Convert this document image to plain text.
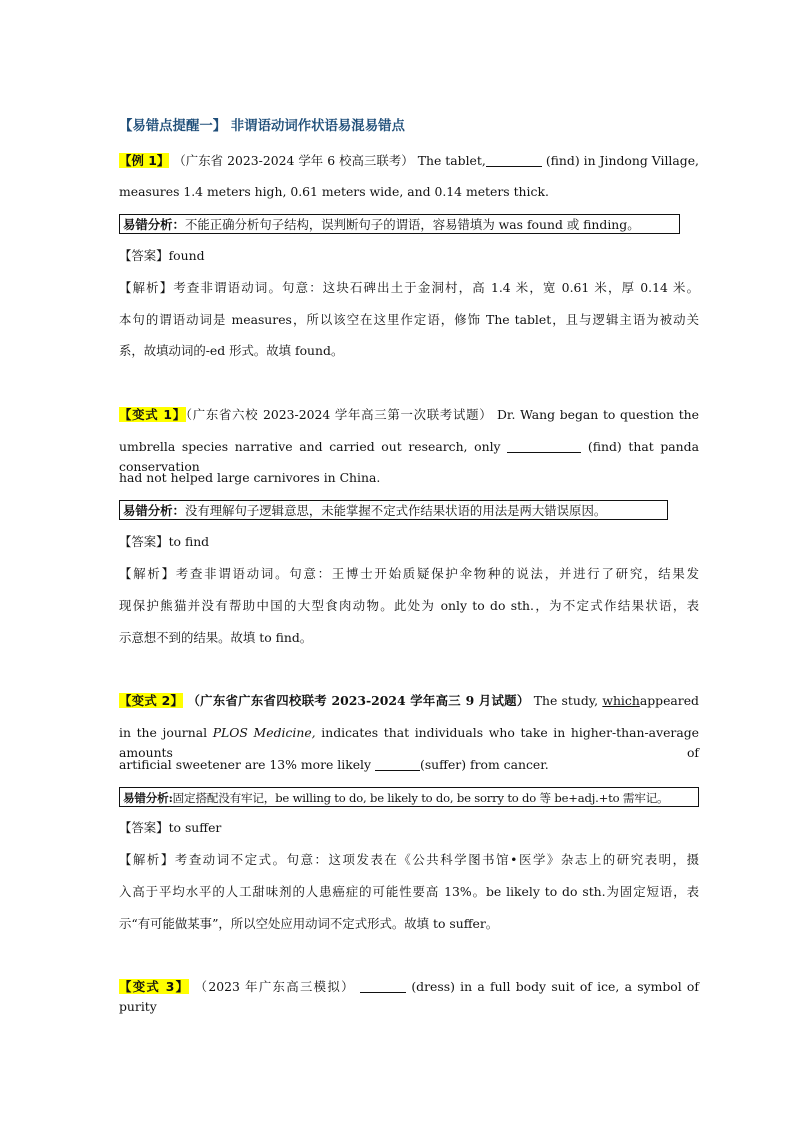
【易错点提醒一】 非谓语动词作状语易混易错点
【例 1】 （广东省 2023-2024 学年 6 校高三联考） The tablet,	(find) in Jindong Village,
measures 1.4 meters high, 0.61 meters wide, and 0.14 meters thick.
易错分析：不能正确分析句子结构，误判断句子的谓语，容易错填为 was found 或 finding。
【答案】found
【解析】考查非谓语动词。句意：这块石碑出土于金洞村，高 1.4 米，宽 0.61 米，厚 0.14 米。
本句的谓语动词是 measures，所以该空在这里作定语，修饰 The tablet，且与逻辑主语为被动关
系，故填动词的-ed 形式。故填 found。
【变式 1】（广东省六校 2023-2024 学年高三第一次联考试题） Dr. Wang began to question the
umbrella species narrative and carried out research, only	(find) that panda conservation
had not helped large carnivores in China.
易错分析：没有理解句子逻辑意思，未能掌握不定式作结果状语的用法是两大错误原因。
【答案】to find
【解析】考查非谓语动词。句意：王博士开始质疑保护伞物种的说法，并进行了研究，结果发
现保护熊猫并没有帮助中国的大型食肉动物。此处为 only to do sth.，为不定式作结果状语，表
示意想不到的结果。故填 to find。
【变式 2】 （广东省广东省四校联考 2023-2024 学年高三 9 月试题） The study, whichappeared
in the journal PLOS Medicine, indicates that individuals who take in higher-than-average amounts of
artificial sweetener are 13% more likely	(suffer) from cancer.
易错分析:固定搭配没有牢记，be willing to do, be likely to do, be sorry to do 等 be+adj.+to 需牢记。
【答案】to suffer
【解析】考查动词不定式。句意：这项发表在《公共科学图书馆•医学》杂志上的研究表明，摄
入高于平均水平的人工甜味剂的人患癌症的可能性要高 13%。be likely to do sth.为固定短语，表
示“有可能做某事”，所以空处应用动词不定式形式。故填 to suffer。
【变式 3】 （2023 年广东高三模拟）	(dress) in a full body suit of ice, a symbol of purity
